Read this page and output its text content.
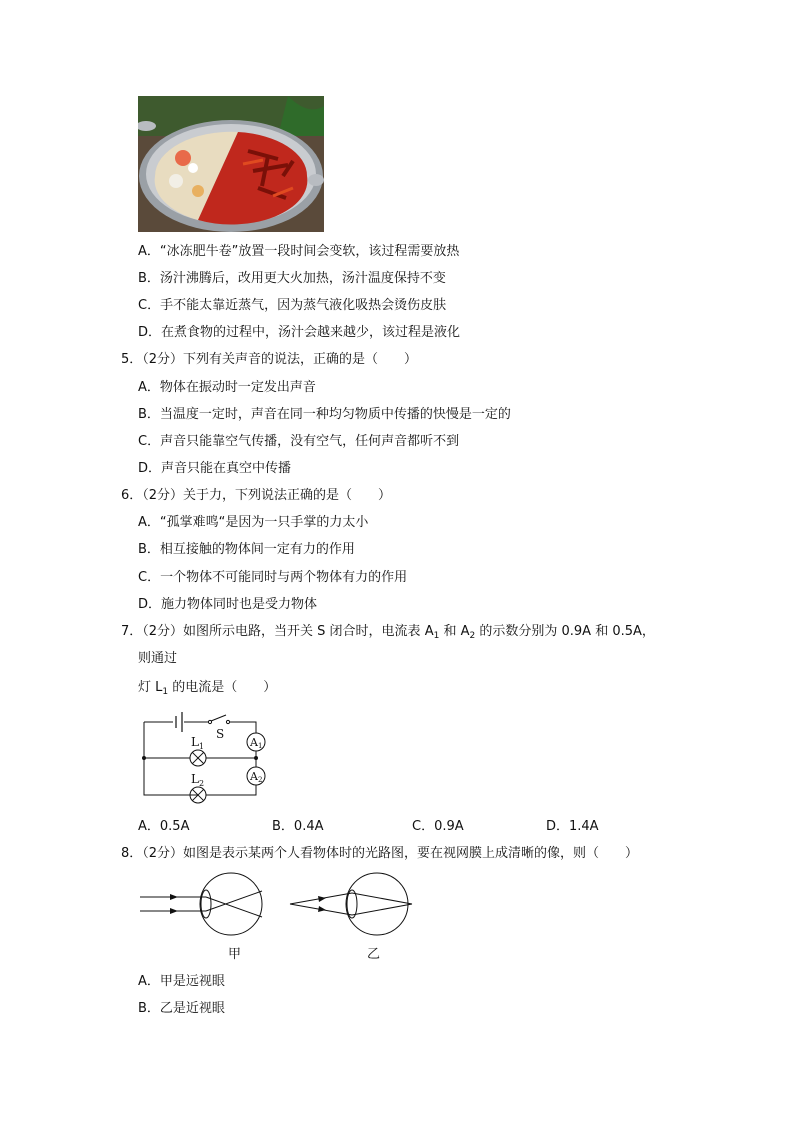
A．“冰冻肥牛卷”放置一段时间会变软，该过程需要放热
B．汤汁沸腾后，改用更大火加热，汤汁温度保持不变
C．手不能太靠近蒸气，因为蒸气液化吸热会烫伤皮肤
D．在煮食物的过程中，汤汁会越来越少，该过程是液化
5．（2分）下列有关声音的说法，正确的是（　　）
A．物体在振动时一定发出声音
B．当温度一定时，声音在同一种均匀物质中传播的快慢是一定的
C．声音只能靠空气传播，没有空气，任何声音都听不到
D．声音只能在真空中传播
6．（2分）关于力，下列说法正确的是（　　）
A．“孤掌难鸣“是因为一只手掌的力太小
B．相互接触的物体间一定有力的作用
C．一个物体不可能同时与两个物体有力的作用
D．施力物体同时也是受力物体
7．（2分）如图所示电路，当开关 S 闭合时，电流表 $A_1$ 和 $A_2$ 的示数分别为 0.9A 和 0.5A，
则通过
灯 $L_1$ 的电流是（　　）
S
$L_1$
$L_2$
A1
A2
A．0.5A	B．0.4A	C．0.9A	D．1.4A
8．（2分）如图是表示某两个人看物体时的光路图，要在视网膜上成清晰的像，则（　　）
甲	乙
A．甲是远视眼
B．乙是近视眼
